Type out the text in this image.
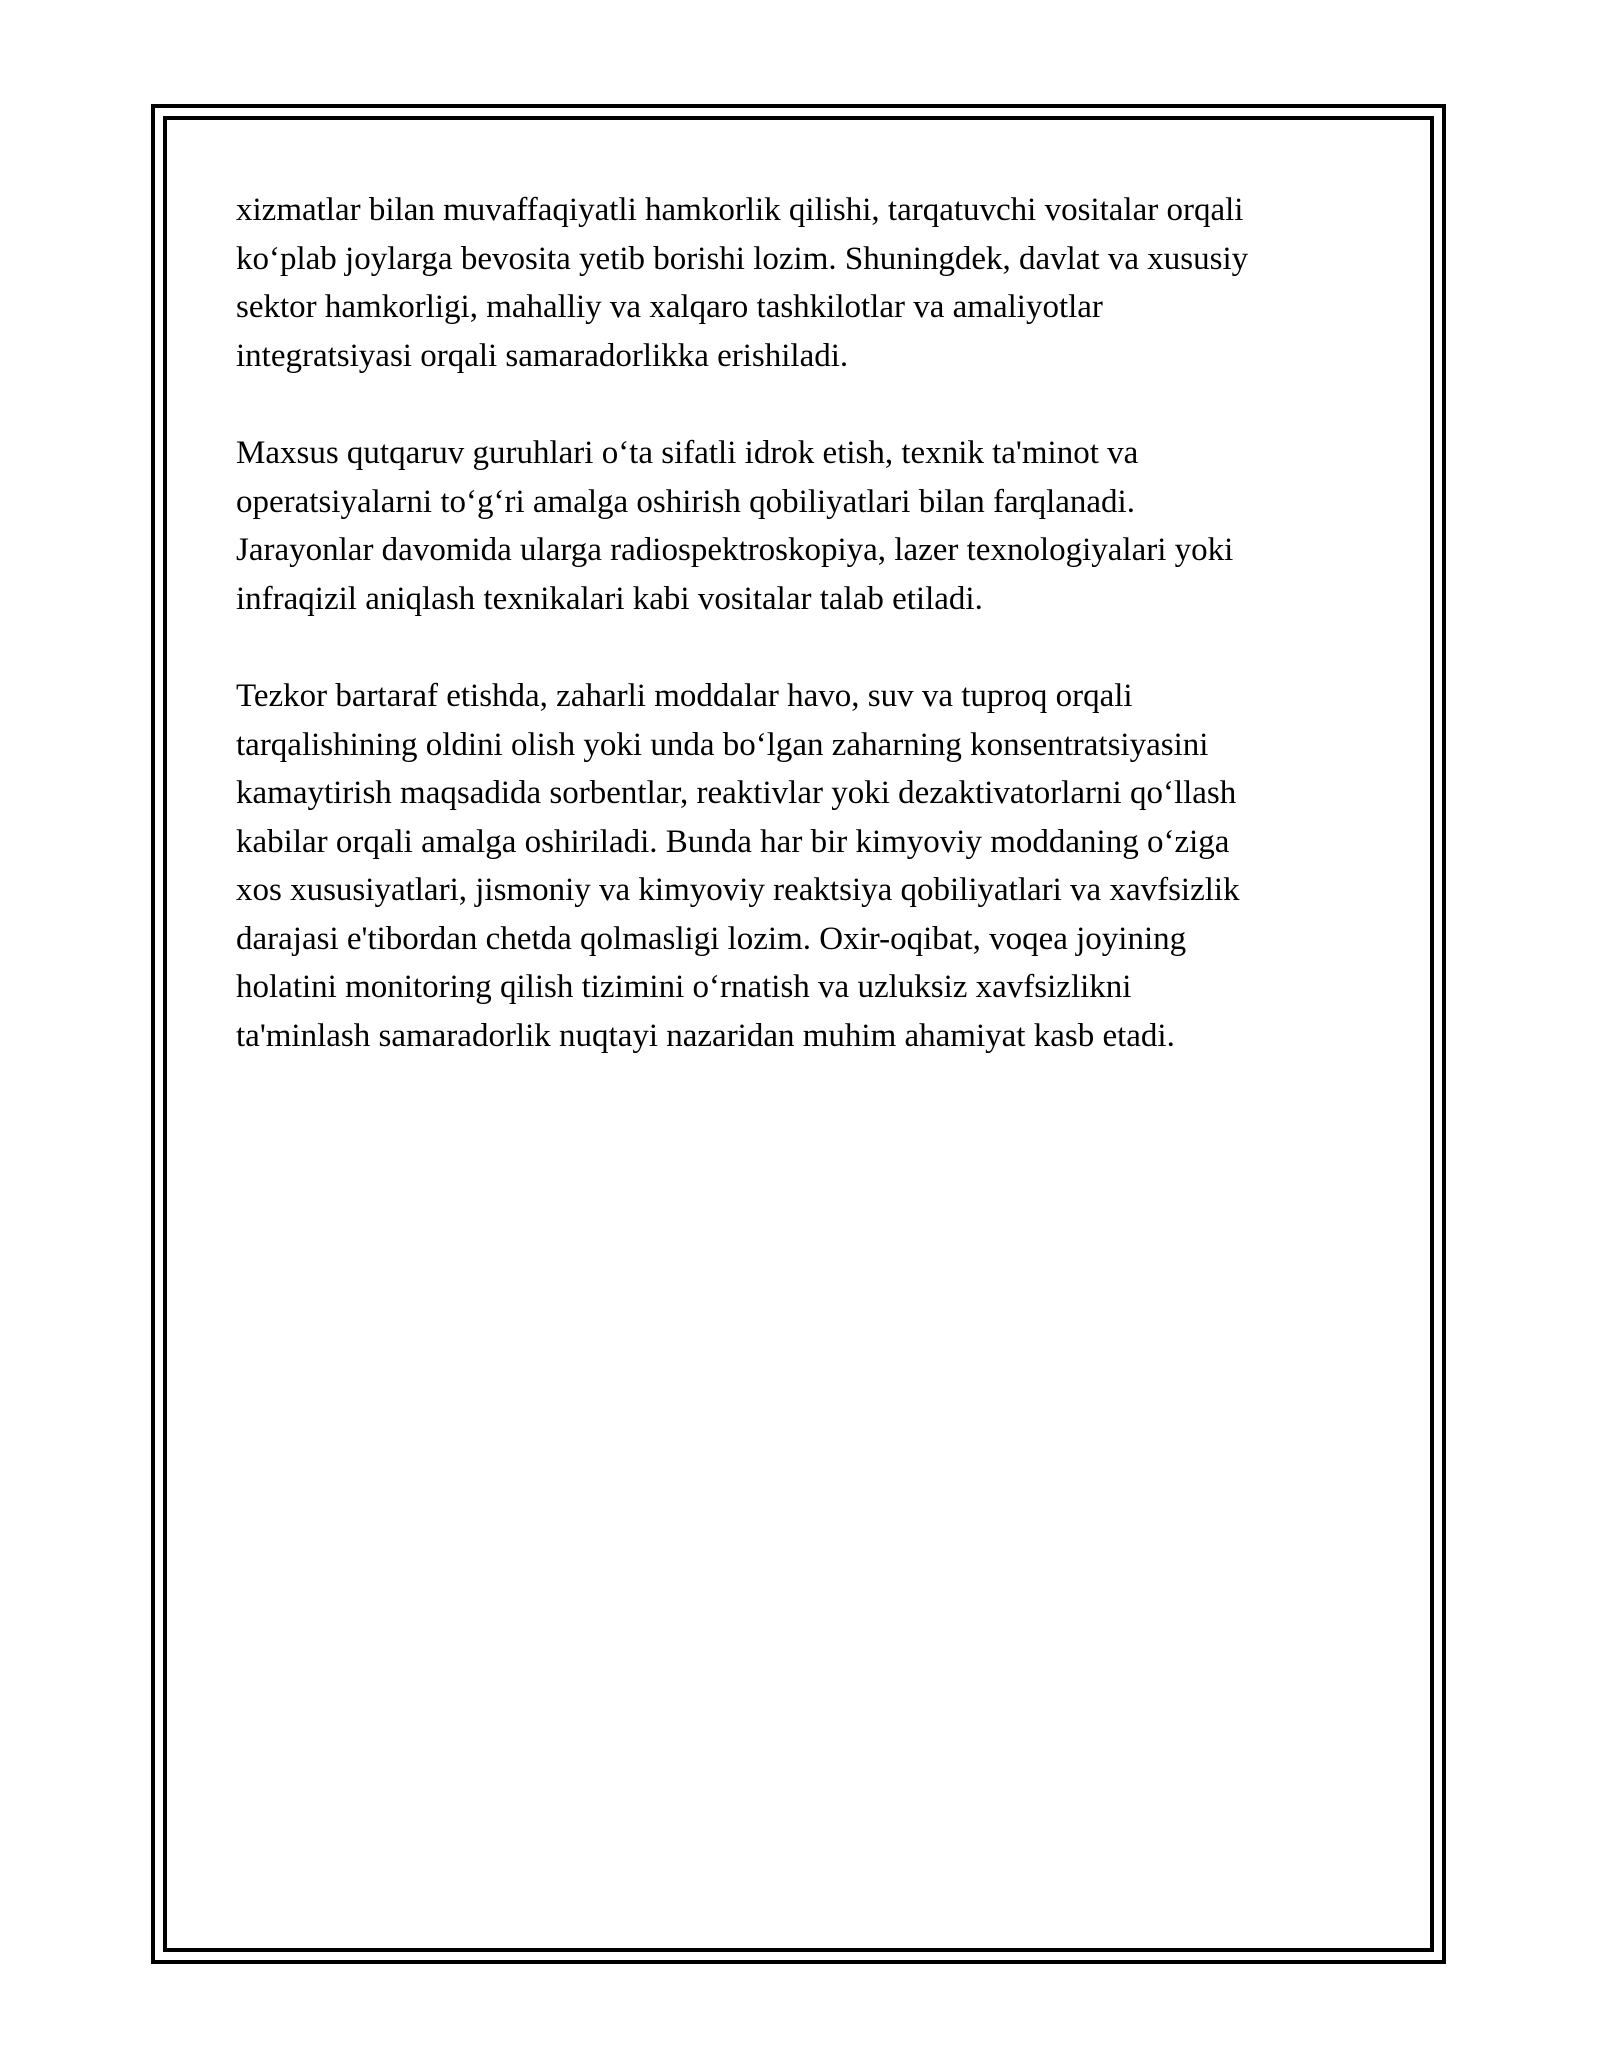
xizmatlar bilan muvaffaqiyatli hamkorlik qilishi, tarqatuvchi vositalar orqali
ko‘plab joylarga bevosita yetib borishi lozim. Shuningdek, davlat va xususiy
sektor hamkorligi, mahalliy va xalqaro tashkilotlar va amaliyotlar
integratsiyasi orqali samaradorlikka erishiladi.

Maxsus qutqaruv guruhlari o‘ta sifatli idrok etish, texnik ta'minot va
operatsiyalarni to‘g‘ri amalga oshirish qobiliyatlari bilan farqlanadi.
Jarayonlar davomida ularga radiospektroskopiya, lazer texnologiyalari yoki
infraqizil aniqlash texnikalari kabi vositalar talab etiladi.

Tezkor bartaraf etishda, zaharli moddalar havo, suv va tuproq orqali
tarqalishining oldini olish yoki unda bo‘lgan zaharning konsentratsiyasini
kamaytirish maqsadida sorbentlar, reaktivlar yoki dezaktivatorlarni qo‘llash
kabilar orqali amalga oshiriladi. Bunda har bir kimyoviy moddaning o‘ziga
xos xususiyatlari, jismoniy va kimyoviy reaktsiya qobiliyatlari va xavfsizlik
darajasi e'tibordan chetda qolmasligi lozim. Oxir-oqibat, voqea joyining
holatini monitoring qilish tizimini o‘rnatish va uzluksiz xavfsizlikni
ta'minlash samaradorlik nuqtayi nazaridan muhim ahamiyat kasb etadi.
